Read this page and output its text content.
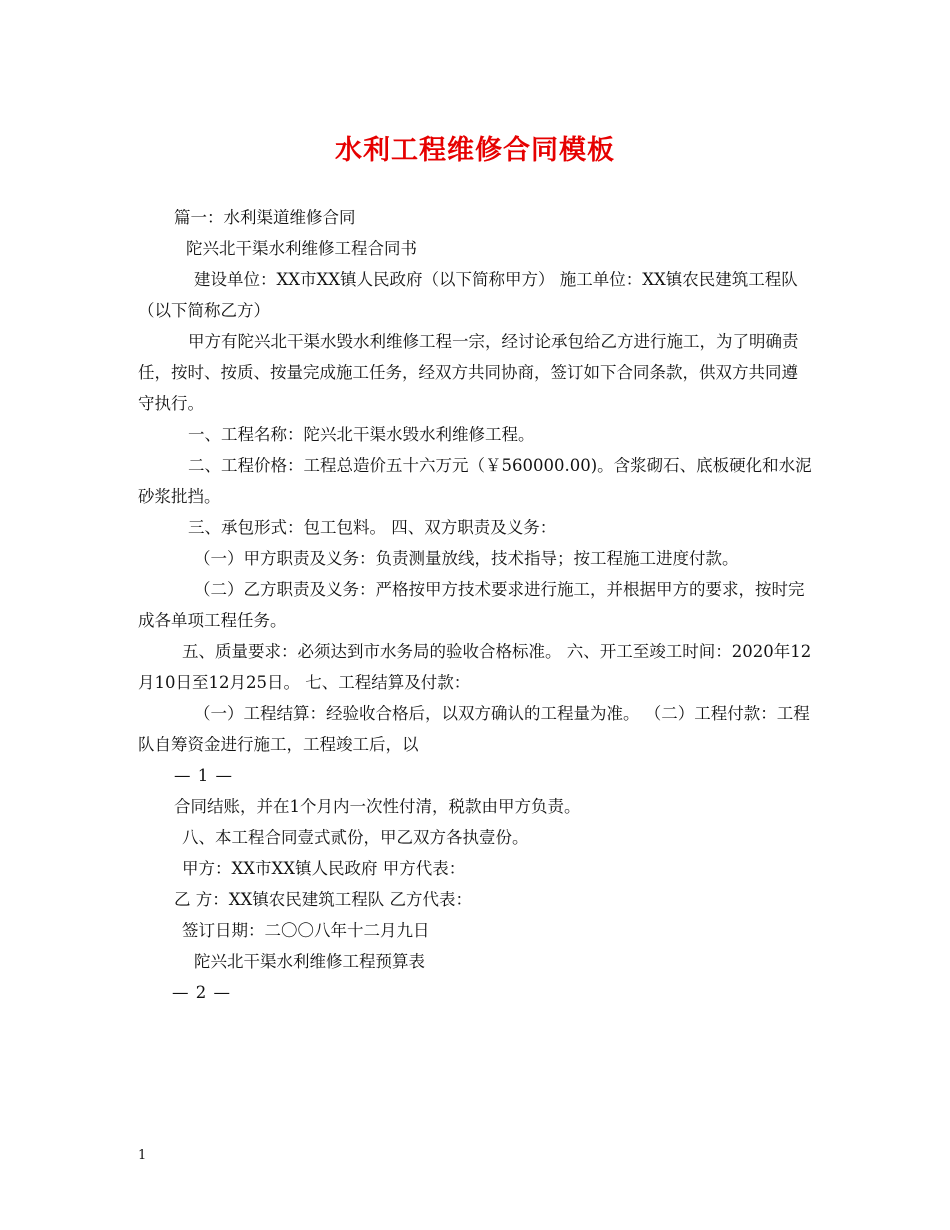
水利工程维修合同模板

篇一：水利渠道维修合同

陀兴北干渠水利维修工程合同书

建设单位：XX市XX镇人民政府（以下简称甲方） 施工单位：XX镇农民建筑工程队（以下简称乙方）

甲方有陀兴北干渠水毁水利维修工程一宗，经讨论承包给乙方进行施工，为了明确责任，按时、按质、按量完成施工任务，经双方共同协商，签订如下合同条款，供双方共同遵守执行。

一、工程名称：陀兴北干渠水毁水利维修工程。

二、工程价格：工程总造价五十六万元（￥560000.00)。含浆砌石、底板硬化和水泥砂浆批挡。

三、承包形式：包工包料。 四、双方职责及义务：

（一）甲方职责及义务：负责测量放线，技术指导；按工程施工进度付款。

（二）乙方职责及义务：严格按甲方技术要求进行施工，并根据甲方的要求，按时完成各单项工程任务。

五、质量要求：必须达到市水务局的验收合格标准。 六、开工至竣工时间：2020年12月10日至12月25日。 七、工程结算及付款：

（一）工程结算：经验收合格后，以双方确认的工程量为准。 （二）工程付款：工程队自筹资金进行施工，工程竣工后，以

— 1 —

合同结账，并在1个月内一次性付清，税款由甲方负责。

八、本工程合同壹式贰份，甲乙双方各执壹份。

甲方：XX市XX镇人民政府 甲方代表：

乙 方：XX镇农民建筑工程队 乙方代表：

签订日期：二〇〇八年十二月九日

陀兴北干渠水利维修工程预算表

— 2 —

1
